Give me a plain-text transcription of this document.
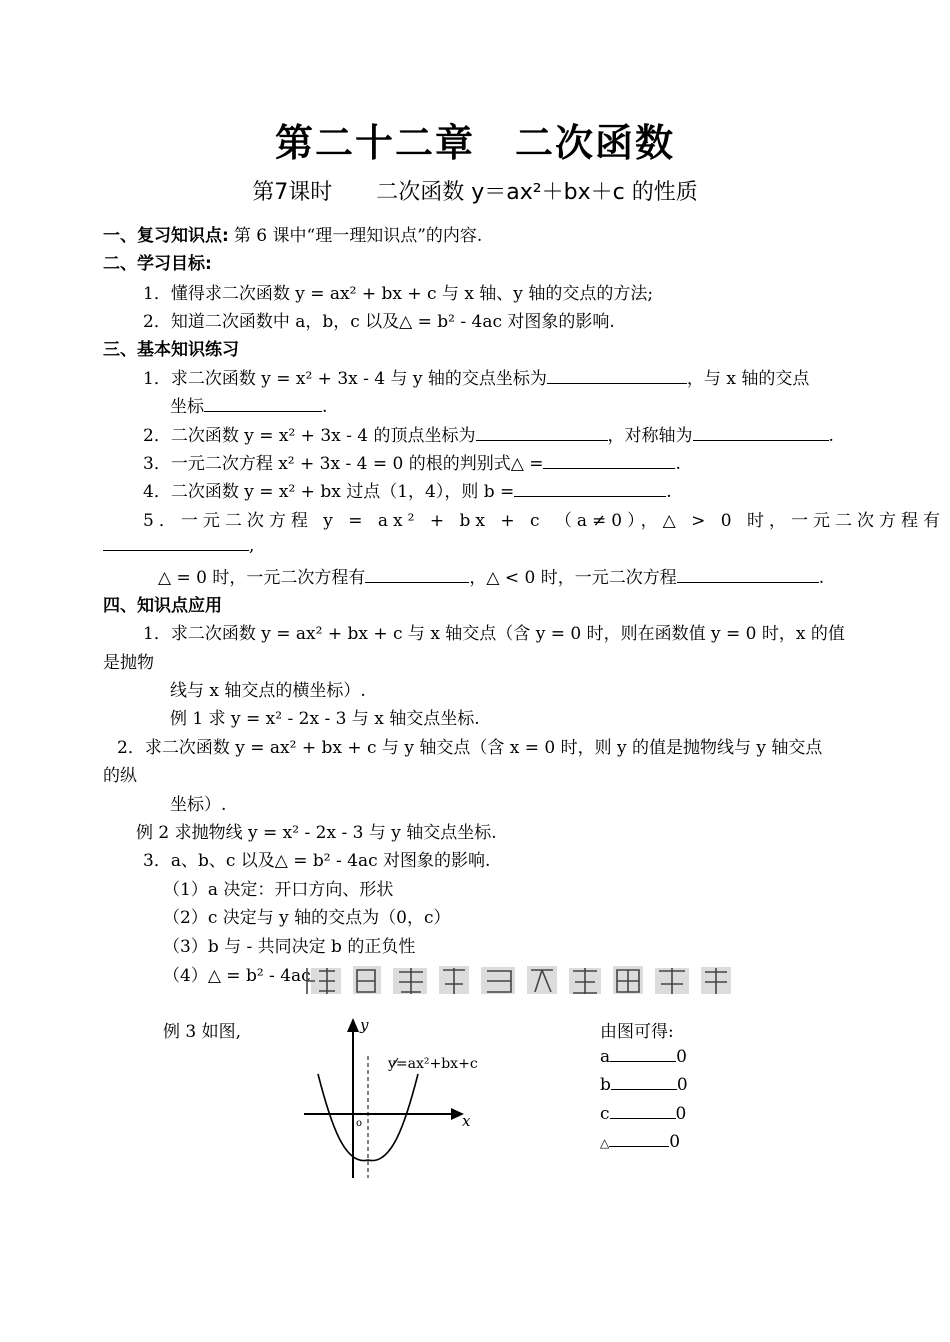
第二十二章　二次函数
第7课时　　二次函数 y＝ax²＋bx＋c 的性质
一、复习知识点: 第 6 课中“理一理知识点”的内容.
二、学习目标:
1．懂得求二次函数 y = ax² + bx + c 与 x 轴、y 轴的交点的方法;
2．知道二次函数中 a，b，c 以及△ = b² - 4ac 对图象的影响.
三、基本知识练习
1．求二次函数 y = x² + 3x - 4 与 y 轴的交点坐标为	，与 x 轴的交点
坐标	.
2．二次函数 y = x² + 3x - 4 的顶点坐标为	，对称轴为	.
3．一元二次方程 x² + 3x - 4 = 0 的根的判别式△ =	.
4．二次函数 y = x² + bx 过点（1，4），则 b =	.
5．一元二次方程 y = ax² + bx + c （a≠0），△ > 0 时，一元二次方程有
,
△ = 0 时，一元二次方程有	，△ < 0 时，一元二次方程	.
四、知识点应用
1．求二次函数 y = ax² + bx + c 与 x 轴交点（含 y = 0 时，则在函数值 y = 0 时，x 的值
是抛物
线与 x 轴交点的横坐标）.
例 1 求 y = x² - 2x - 3 与 x 轴交点坐标.
2．求二次函数 y = ax² + bx + c 与 y 轴交点（含 x = 0 时，则 y 的值是抛物线与 y 轴交点
的纵
坐标）.
例 2 求抛物线 y = x² - 2x - 3 与 y 轴交点坐标.
3．a、b、c 以及△ = b² - 4ac 对图象的影响.
（1）a 决定：开口方向、形状
（2）c 决定与 y 轴的交点为（0，c）
（3）b 与 - 共同决定 b 的正负性
（4）△ = b² - 4ac
例 3 如图,	y
x
o
y=ax²+bx+c
由图可得:
a	0
b	0
c	0
△	0
